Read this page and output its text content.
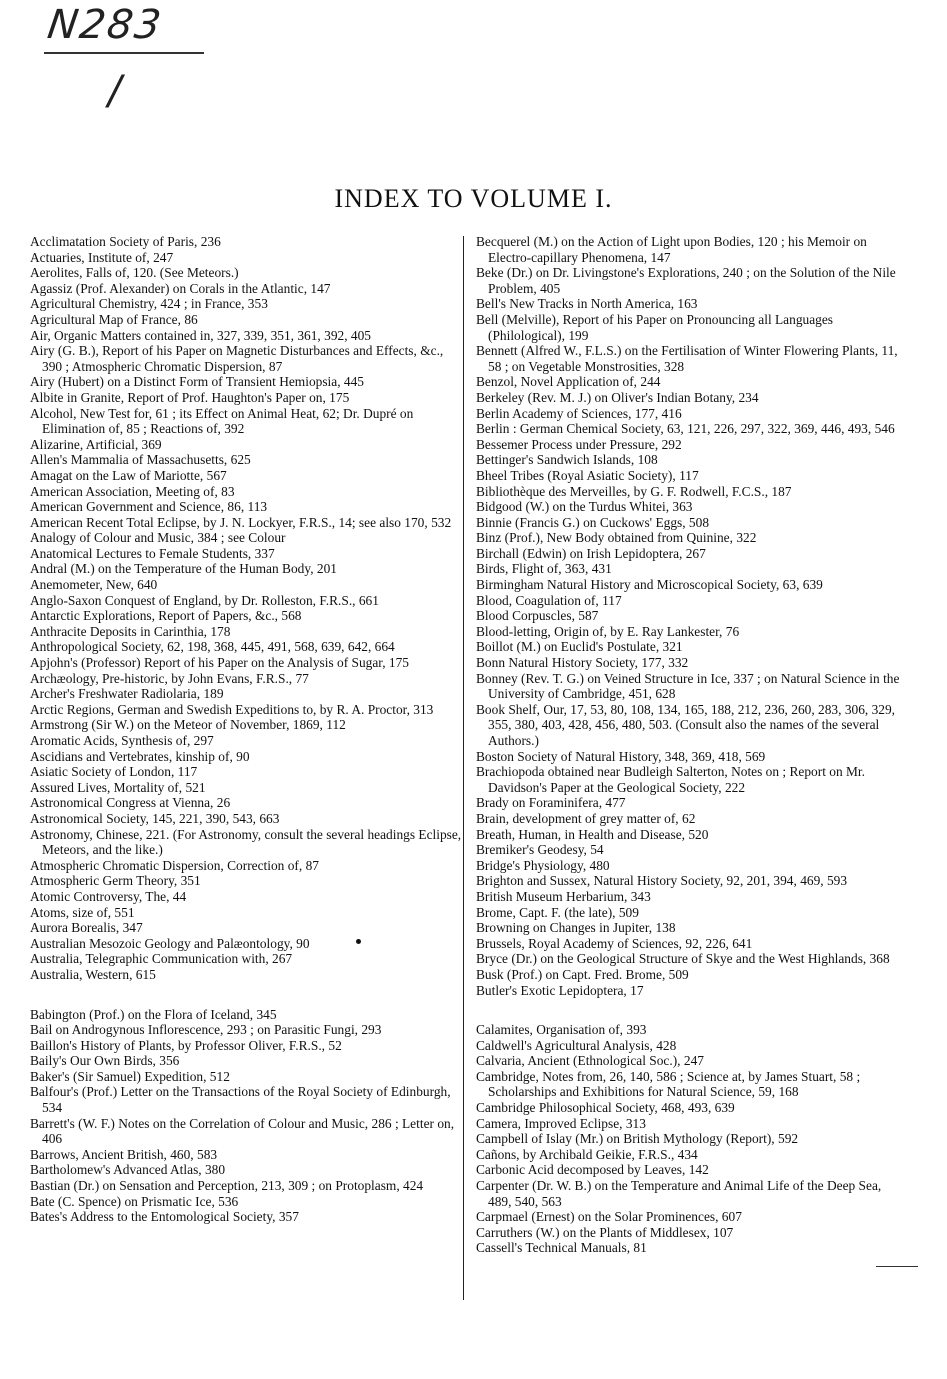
N283
/
INDEX TO VOLUME I.

Acclimatation Society of Paris, 236

Actuaries, Institute of, 247

Aerolites, Falls of, 120. (See Meteors.)

Agassiz (Prof. Alexander) on Corals in the Atlantic, 147

Agricultural Chemistry, 424 ; in France, 353

Agricultural Map of France, 86

Air, Organic Matters contained in, 327, 339, 351, 361, 392, 405

Airy (G. B.), Report of his Paper on Magnetic Disturbances and Effects, &c., 390 ; Atmospheric Chromatic Dispersion, 87

Airy (Hubert) on a Distinct Form of Transient Hemiopsia, 445

Albite in Granite, Report of Prof. Haughton's Paper on, 175

Alcohol, New Test for, 61 ; its Effect on Animal Heat, 62; Dr. Dupré on Elimination of, 85 ; Reactions of, 392

Alizarine, Artificial, 369

Allen's Mammalia of Massachusetts, 625

Amagat on the Law of Mariotte, 567

American Association, Meeting of, 83

American Government and Science, 86, 113

American Recent Total Eclipse, by J. N. Lockyer, F.R.S., 14; see also 170, 532

Analogy of Colour and Music, 384 ; see Colour

Anatomical Lectures to Female Students, 337

Andral (M.) on the Temperature of the Human Body, 201

Anemometer, New, 640

Anglo-Saxon Conquest of England, by Dr. Rolleston, F.R.S., 661

Antarctic Explorations, Report of Papers, &c., 568

Anthracite Deposits in Carinthia, 178

Anthropological Society, 62, 198, 368, 445, 491, 568, 639, 642, 664

Apjohn's (Professor) Report of his Paper on the Analysis of Sugar, 175

Archæology, Pre-historic, by John Evans, F.R.S., 77

Archer's Freshwater Radiolaria, 189

Arctic Regions, German and Swedish Expeditions to, by R. A. Proctor, 313

Armstrong (Sir W.) on the Meteor of November, 1869, 112

Aromatic Acids, Synthesis of, 297

Ascidians and Vertebrates, kinship of, 90

Asiatic Society of London, 117

Assured Lives, Mortality of, 521

Astronomical Congress at Vienna, 26

Astronomical Society, 145, 221, 390, 543, 663

Astronomy, Chinese, 221. (For Astronomy, consult the several headings Eclipse, Meteors, and the like.)

Atmospheric Chromatic Dispersion, Correction of, 87

Atmospheric Germ Theory, 351

Atomic Controversy, The, 44

Atoms, size of, 551

Aurora Borealis, 347

Australian Mesozoic Geology and Palæontology, 90

Australia, Telegraphic Communication with, 267

Australia, Western, 615

Babington (Prof.) on the Flora of Iceland, 345

Bail on Androgynous Inflorescence, 293 ; on Parasitic Fungi, 293

Baillon's History of Plants, by Professor Oliver, F.R.S., 52

Baily's Our Own Birds, 356

Baker's (Sir Samuel) Expedition, 512

Balfour's (Prof.) Letter on the Transactions of the Royal Society of Edinburgh, 534

Barrett's (W. F.) Notes on the Correlation of Colour and Music, 286 ; Letter on, 406

Barrows, Ancient British, 460, 583

Bartholomew's Advanced Atlas, 380

Bastian (Dr.) on Sensation and Perception, 213, 309 ; on Protoplasm, 424

Bate (C. Spence) on Prismatic Ice, 536

Bates's Address to the Entomological Society, 357

Becquerel (M.) on the Action of Light upon Bodies, 120 ; his Memoir on Electro-capillary Phenomena, 147

Beke (Dr.) on Dr. Livingstone's Explorations, 240 ; on the Solution of the Nile Problem, 405

Bell's New Tracks in North America, 163

Bell (Melville), Report of his Paper on Pronouncing all Languages (Philological), 199

Bennett (Alfred W., F.L.S.) on the Fertilisation of Winter Flowering Plants, 11, 58 ; on Vegetable Monstrosities, 328

Benzol, Novel Application of, 244

Berkeley (Rev. M. J.) on Oliver's Indian Botany, 234

Berlin Academy of Sciences, 177, 416

Berlin : German Chemical Society, 63, 121, 226, 297, 322, 369, 446, 493, 546

Bessemer Process under Pressure, 292

Bettinger's Sandwich Islands, 108

Bheel Tribes (Royal Asiatic Society), 117

Bibliothèque des Merveilles, by G. F. Rodwell, F.C.S., 187

Bidgood (W.) on the Turdus Whitei, 363

Binnie (Francis G.) on Cuckows' Eggs, 508

Binz (Prof.), New Body obtained from Quinine, 322

Birchall (Edwin) on Irish Lepidoptera, 267

Birds, Flight of, 363, 431

Birmingham Natural History and Microscopical Society, 63, 639

Blood, Coagulation of, 117

Blood Corpuscles, 587

Blood-letting, Origin of, by E. Ray Lankester, 76

Boillot (M.) on Euclid's Postulate, 321

Bonn Natural History Society, 177, 332

Bonney (Rev. T. G.) on Veined Structure in Ice, 337 ; on Natural Science in the University of Cambridge, 451, 628

Book Shelf, Our, 17, 53, 80, 108, 134, 165, 188, 212, 236, 260, 283, 306, 329, 355, 380, 403, 428, 456, 480, 503. (Consult also the names of the several Authors.)

Boston Society of Natural History, 348, 369, 418, 569

Brachiopoda obtained near Budleigh Salterton, Notes on ; Report on Mr. Davidson's Paper at the Geological Society, 222

Brady on Foraminifera, 477

Brain, development of grey matter of, 62

Breath, Human, in Health and Disease, 520

Bremiker's Geodesy, 54

Bridge's Physiology, 480

Brighton and Sussex, Natural History Society, 92, 201, 394, 469, 593

British Museum Herbarium, 343

Brome, Capt. F. (the late), 509

Browning on Changes in Jupiter, 138

Brussels, Royal Academy of Sciences, 92, 226, 641

Bryce (Dr.) on the Geological Structure of Skye and the West Highlands, 368

Busk (Prof.) on Capt. Fred. Brome, 509

Butler's Exotic Lepidoptera, 17

Calamites, Organisation of, 393

Caldwell's Agricultural Analysis, 428

Calvaria, Ancient (Ethnological Soc.), 247

Cambridge, Notes from, 26, 140, 586 ; Science at, by James Stuart, 58 ; Scholarships and Exhibitions for Natural Science, 59, 168

Cambridge Philosophical Society, 468, 493, 639

Camera, Improved Eclipse, 313

Campbell of Islay (Mr.) on British Mythology (Report), 592

Cañons, by Archibald Geikie, F.R.S., 434

Carbonic Acid decomposed by Leaves, 142

Carpenter (Dr. W. B.) on the Temperature and Animal Life of the Deep Sea, 489, 540, 563

Carpmael (Ernest) on the Solar Prominences, 607

Carruthers (W.) on the Plants of Middlesex, 107

Cassell's Technical Manuals, 81
